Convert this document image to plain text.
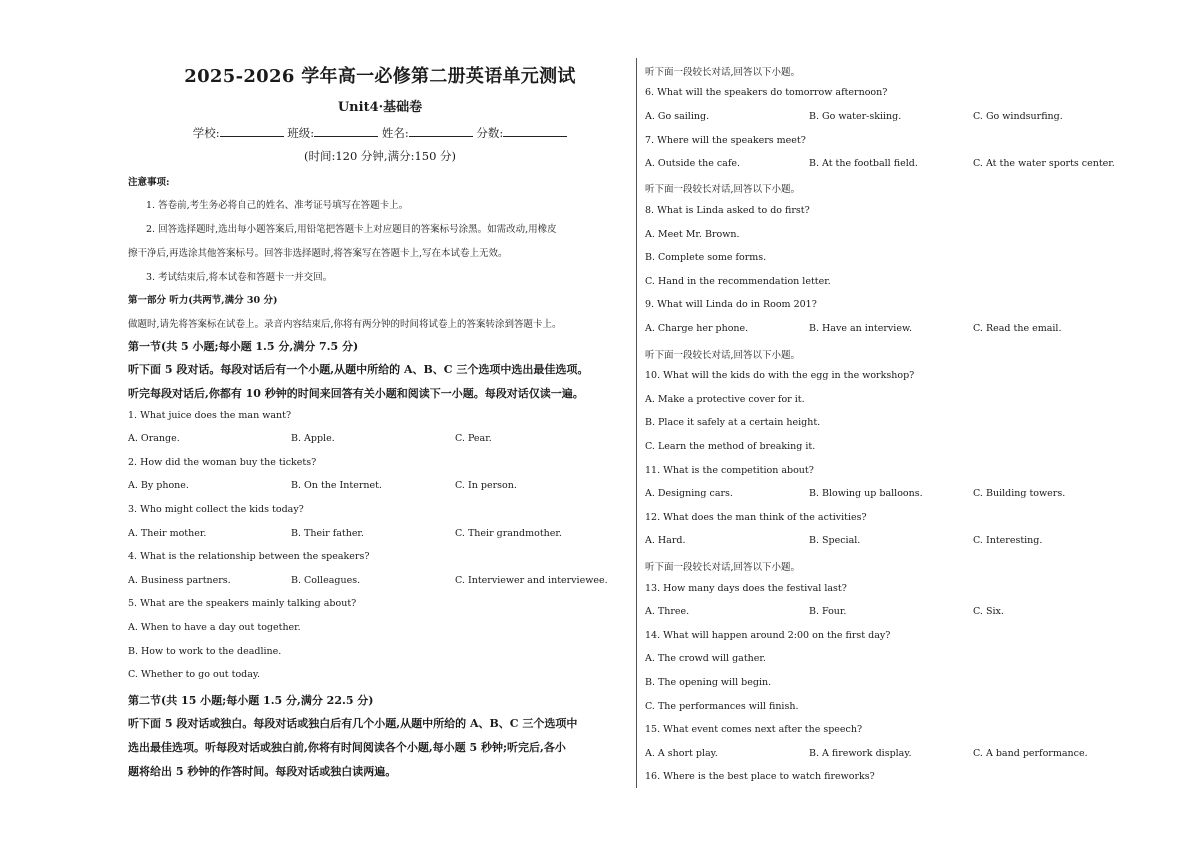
2025-2026 学年高一必修第二册英语单元测试
Unit4·基础卷
学校:	班级:	姓名:	分数:
(时间:120 分钟,满分:150 分)
注意事项:
1. 答卷前,考生务必将自己的姓名、准考证号填写在答题卡上。
2. 回答选择题时,选出每小题答案后,用铅笔把答题卡上对应题目的答案标号涂黑。如需改动,用橡皮
擦干净后,再选涂其他答案标号。回答非选择题时,将答案写在答题卡上,写在本试卷上无效。
3. 考试结束后,将本试卷和答题卡一并交回。
第一部分 听力(共两节,满分 30 分)
做题时,请先将答案标在试卷上。录音内容结束后,你将有两分钟的时间将试卷上的答案转涂到答题卡上。
第一节(共 5 小题;每小题 1.5 分,满分 7.5 分)
听下面 5 段对话。每段对话后有一个小题,从题中所给的 A、B、C 三个选项中选出最佳选项。
听完每段对话后,你都有 10 秒钟的时间来回答有关小题和阅读下一小题。每段对话仅读一遍。
1. What juice does the man want?
A. Orange.	B. Apple.	C. Pear.
2. How did the woman buy the tickets?
A. By phone.	B. On the Internet.	C. In person.
3. Who might collect the kids today?
A. Their mother.	B. Their father.	C. Their grandmother.
4. What is the relationship between the speakers?
A. Business partners.	B. Colleagues.	C. Interviewer and interviewee.
5. What are the speakers mainly talking about?
A. When to have a day out together.
B. How to work to the deadline.
C. Whether to go out today.
第二节(共 15 小题;每小题 1.5 分,满分 22.5 分)
听下面 5 段对话或独白。每段对话或独白后有几个小题,从题中所给的 A、B、C 三个选项中
选出最佳选项。听每段对话或独白前,你将有时间阅读各个小题,每小题 5 秒钟;听完后,各小
题将给出 5 秒钟的作答时间。每段对话或独白读两遍。
听下面一段较长对话,回答以下小题。
6. What will the speakers do tomorrow afternoon?
A. Go sailing.	B. Go water-skiing.	C. Go windsurfing.
7. Where will the speakers meet?
A. Outside the cafe.	B. At the football field.	C. At the water sports center.
听下面一段较长对话,回答以下小题。
8. What is Linda asked to do first?
A. Meet Mr. Brown.
B. Complete some forms.
C. Hand in the recommendation letter.
9. What will Linda do in Room 201?
A. Charge her phone.	B. Have an interview.	C. Read the email.
听下面一段较长对话,回答以下小题。
10. What will the kids do with the egg in the workshop?
A. Make a protective cover for it.
B. Place it safely at a certain height.
C. Learn the method of breaking it.
11. What is the competition about?
A. Designing cars.	B. Blowing up balloons.	C. Building towers.
12. What does the man think of the activities?
A. Hard.	B. Special.	C. Interesting.
听下面一段较长对话,回答以下小题。
13. How many days does the festival last?
A. Three.	B. Four.	C. Six.
14. What will happen around 2:00 on the first day?
A. The crowd will gather.
B. The opening will begin.
C. The performances will finish.
15. What event comes next after the speech?
A. A short play.	B. A firework display.	C. A band performance.
16. Where is the best place to watch fireworks?
